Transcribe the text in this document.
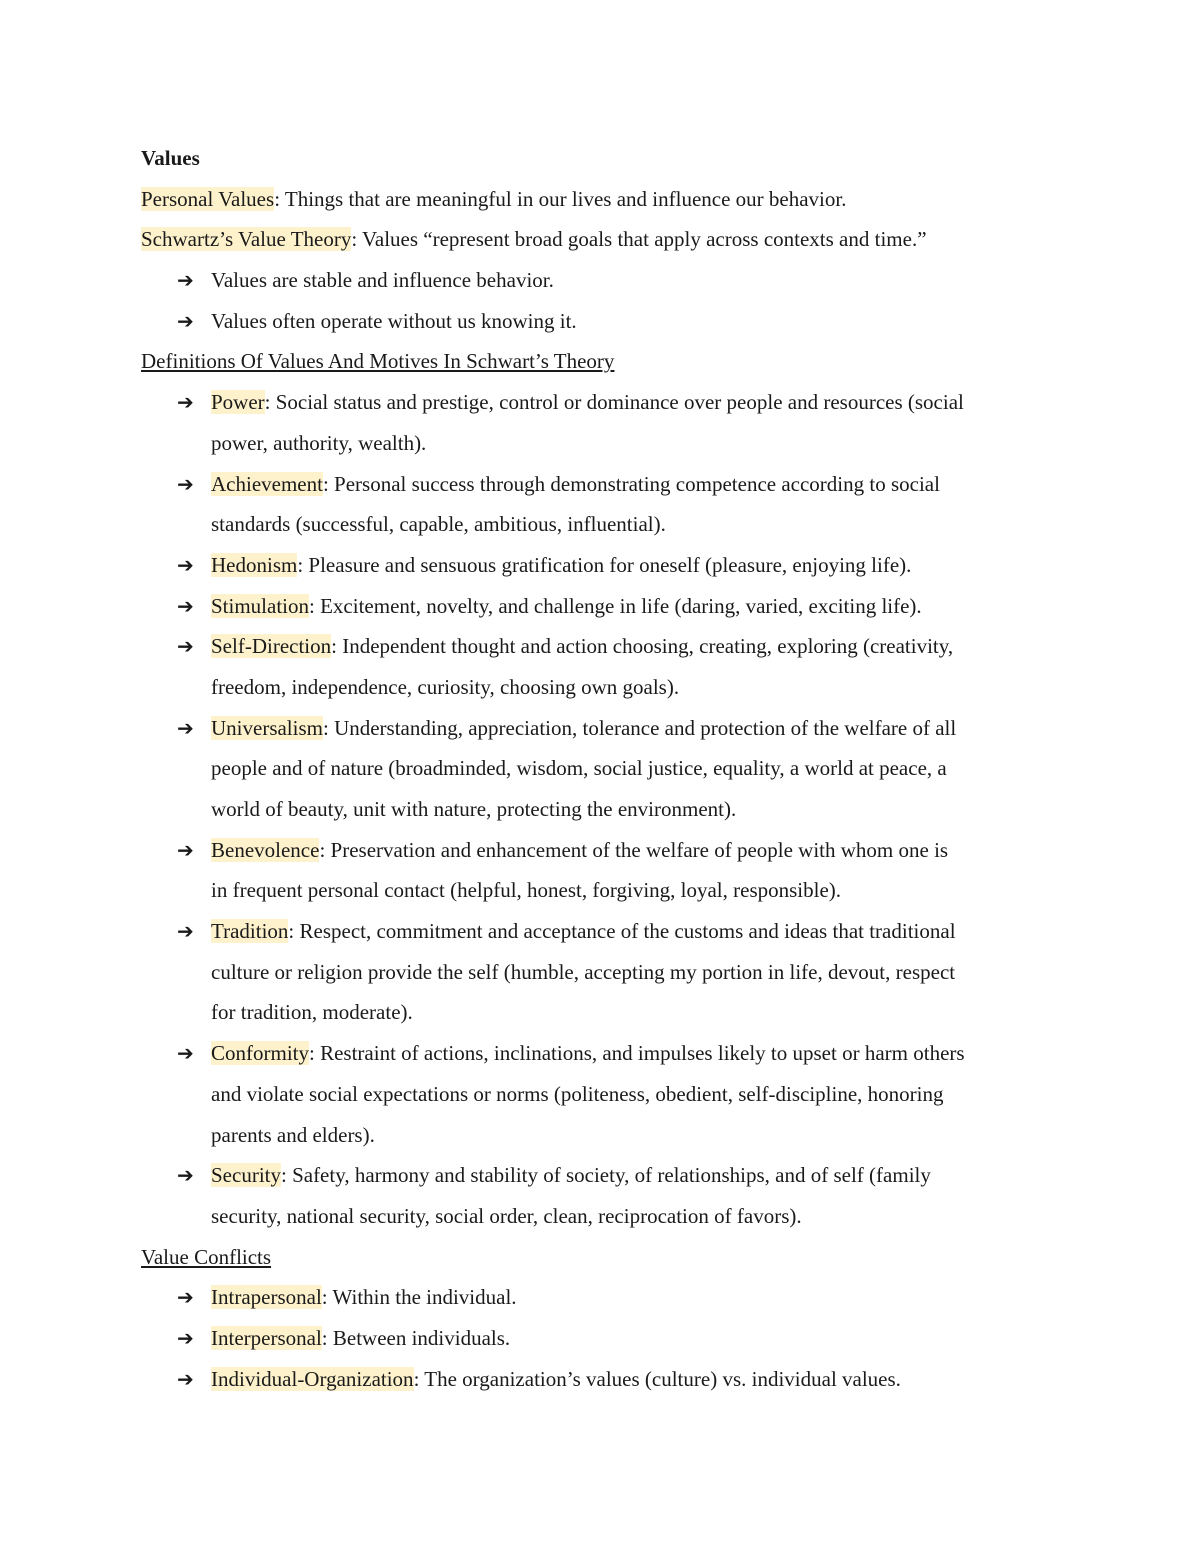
Values
Personal Values: Things that are meaningful in our lives and influence our behavior.
Schwartz’s Value Theory: Values “represent broad goals that apply across contexts and time.”
➔ Values are stable and influence behavior.
➔ Values often operate without us knowing it.
Definitions Of Values And Motives In Schwart’s Theory
➔ Power: Social status and prestige, control or dominance over people and resources (social
power, authority, wealth).
➔ Achievement: Personal success through demonstrating competence according to social
standards (successful, capable, ambitious, influential).
➔ Hedonism: Pleasure and sensuous gratification for oneself (pleasure, enjoying life).
➔ Stimulation: Excitement, novelty, and challenge in life (daring, varied, exciting life).
➔ Self-Direction: Independent thought and action choosing, creating, exploring (creativity,
freedom, independence, curiosity, choosing own goals).
➔ Universalism: Understanding, appreciation, tolerance and protection of the welfare of all
people and of nature (broadminded, wisdom, social justice, equality, a world at peace, a
world of beauty, unit with nature, protecting the environment).
➔ Benevolence: Preservation and enhancement of the welfare of people with whom one is
in frequent personal contact (helpful, honest, forgiving, loyal, responsible).
➔ Tradition: Respect, commitment and acceptance of the customs and ideas that traditional
culture or religion provide the self (humble, accepting my portion in life, devout, respect
for tradition, moderate).
➔ Conformity: Restraint of actions, inclinations, and impulses likely to upset or harm others
and violate social expectations or norms (politeness, obedient, self-discipline, honoring
parents and elders).
➔ Security: Safety, harmony and stability of society, of relationships, and of self (family
security, national security, social order, clean, reciprocation of favors).
Value Conflicts
➔ Intrapersonal: Within the individual.
➔ Interpersonal: Between individuals.
➔ Individual-Organization: The organization’s values (culture) vs. individual values.
